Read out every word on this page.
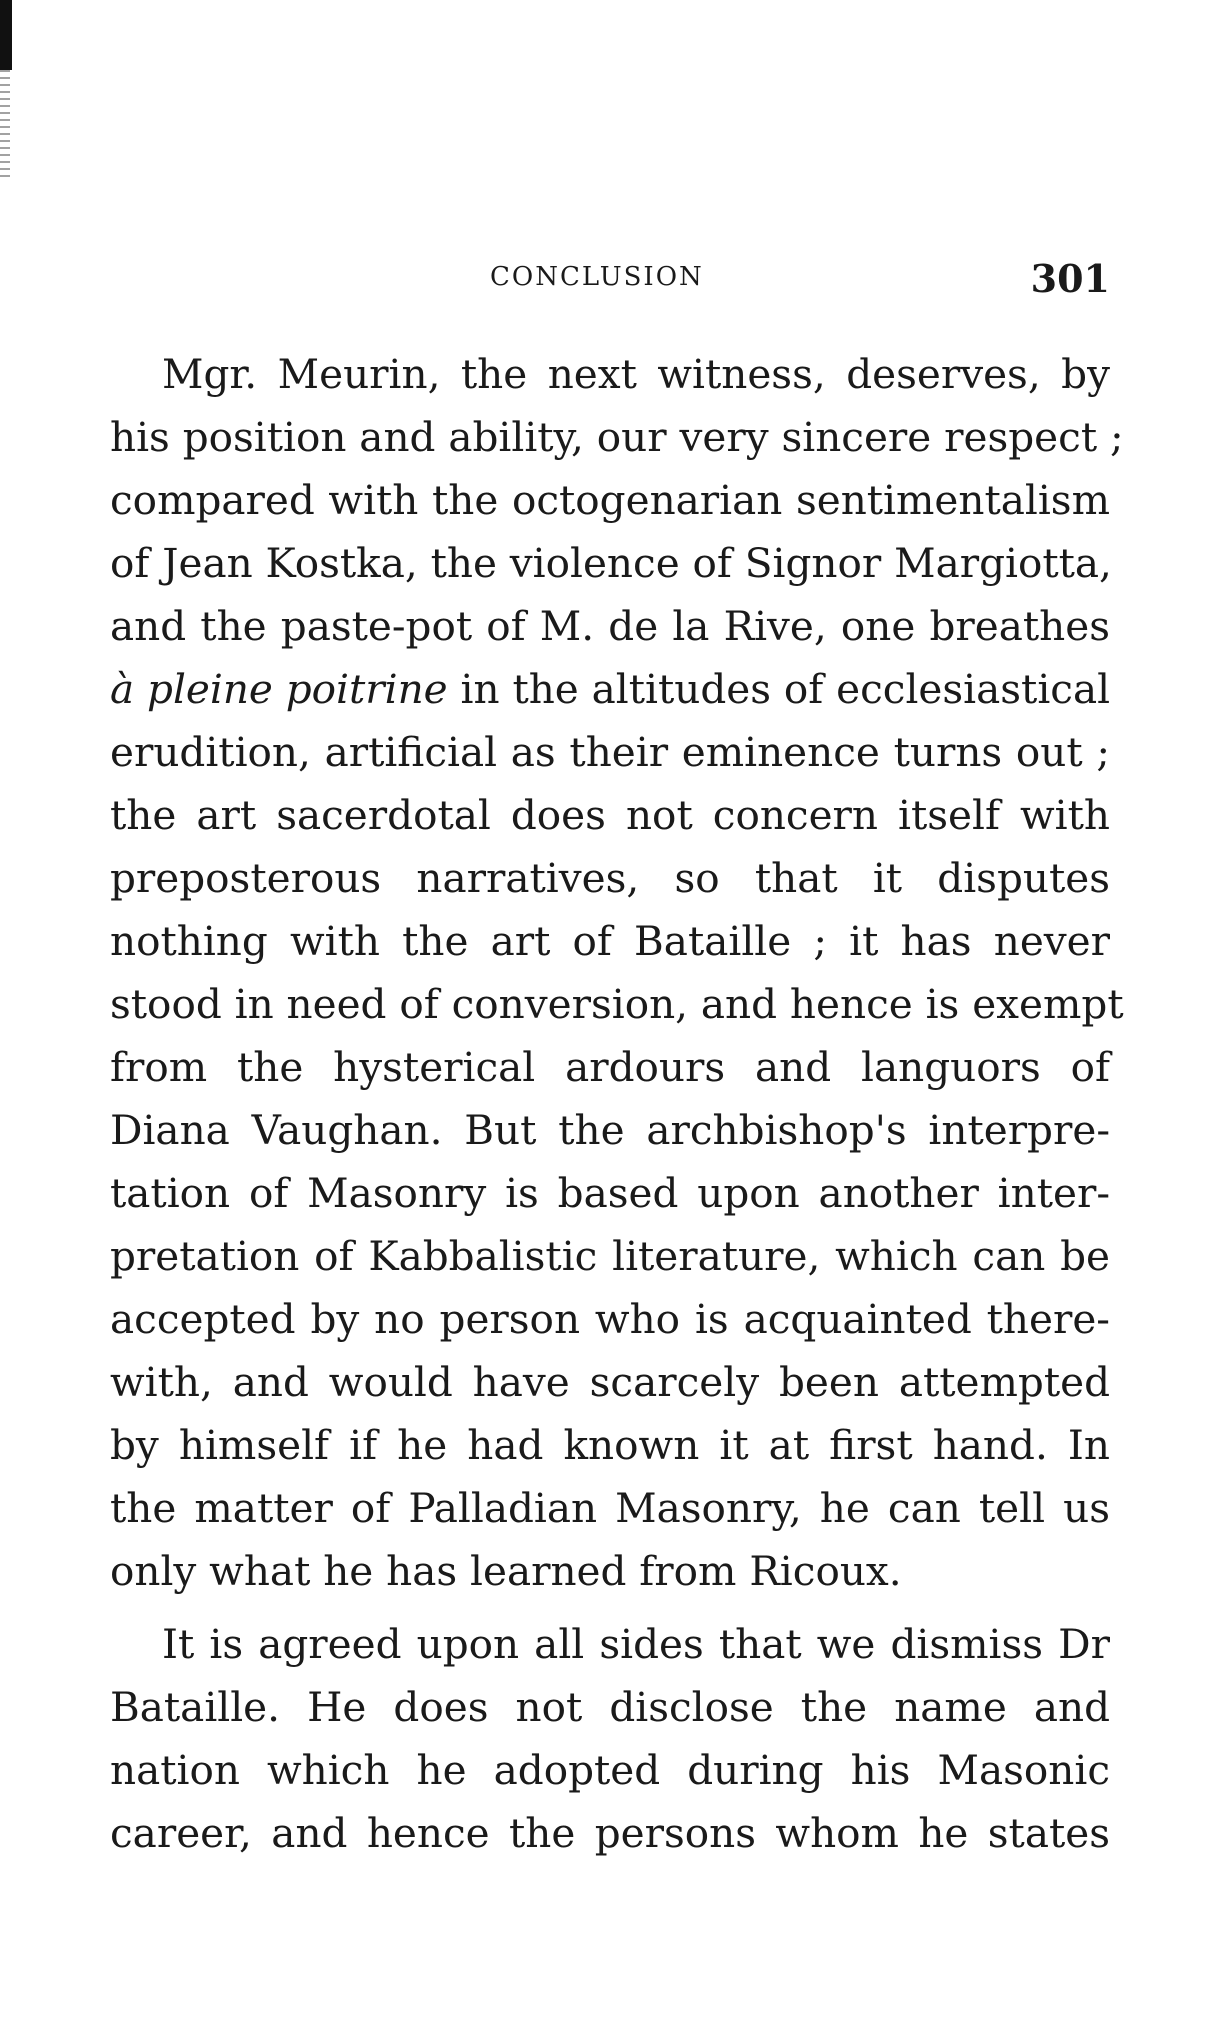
CONCLUSION	301
Mgr. Meurin, the next witness, deserves, by
his position and ability, our very sincere respect ;
compared with the octogenarian sentimentalism
of Jean Kostka, the violence of Signor Margiotta,
and the paste-pot of M. de la Rive, one breathes
à pleine poitrine in the altitudes of ecclesiastical
erudition, artificial as their eminence turns out ;
the art sacerdotal does not concern itself with
preposterous narratives, so that it disputes
nothing with the art of Bataille ; it has never
stood in need of conversion, and hence is exempt
from the hysterical ardours and languors of
Diana Vaughan. But the archbishop's interpre-
tation of Masonry is based upon another inter-
pretation of Kabbalistic literature, which can be
accepted by no person who is acquainted there-
with, and would have scarcely been attempted
by himself if he had known it at first hand. In
the matter of Palladian Masonry, he can tell us
only what he has learned from Ricoux.
It is agreed upon all sides that we dismiss Dr
Bataille. He does not disclose the name and
nation which he adopted during his Masonic
career, and hence the persons whom he states
